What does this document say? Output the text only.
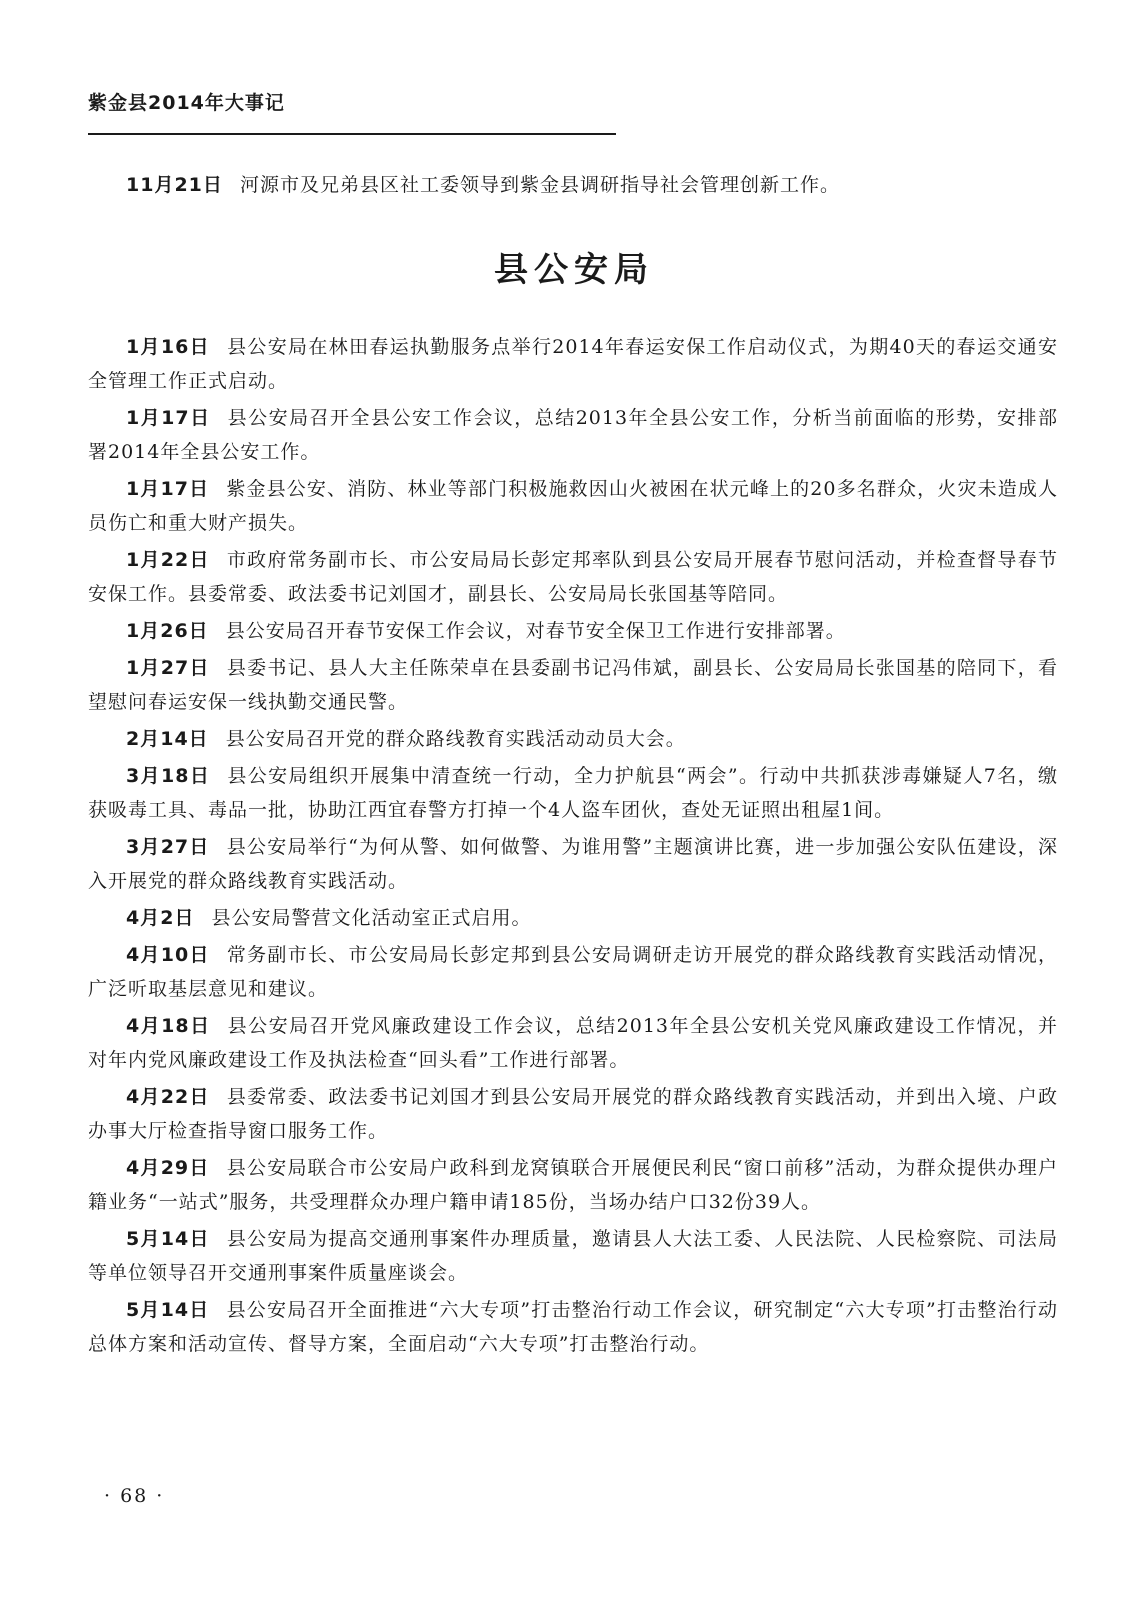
紫金县2014年大事记

11月21日 河源市及兄弟县区社工委领导到紫金县调研指导社会管理创新工作。

县公安局

1月16日 县公安局在林田春运执勤服务点举行2014年春运安保工作启动仪式，为期40天的春运交通安全管理工作正式启动。

1月17日 县公安局召开全县公安工作会议，总结2013年全县公安工作，分析当前面临的形势，安排部署2014年全县公安工作。

1月17日 紫金县公安、消防、林业等部门积极施救因山火被困在状元峰上的20多名群众，火灾未造成人员伤亡和重大财产损失。

1月22日 市政府常务副市长、市公安局局长彭定邦率队到县公安局开展春节慰问活动，并检查督导春节安保工作。县委常委、政法委书记刘国才，副县长、公安局局长张国基等陪同。

1月26日 县公安局召开春节安保工作会议，对春节安全保卫工作进行安排部署。

1月27日 县委书记、县人大主任陈荣卓在县委副书记冯伟斌，副县长、公安局局长张国基的陪同下，看望慰问春运安保一线执勤交通民警。

2月14日 县公安局召开党的群众路线教育实践活动动员大会。

3月18日 县公安局组织开展集中清查统一行动，全力护航县“两会”。行动中共抓获涉毒嫌疑人7名，缴获吸毒工具、毒品一批，协助江西宜春警方打掉一个4人盗车团伙，查处无证照出租屋1间。

3月27日 县公安局举行“为何从警、如何做警、为谁用警”主题演讲比赛，进一步加强公安队伍建设，深入开展党的群众路线教育实践活动。

4月2日 县公安局警营文化活动室正式启用。

4月10日 常务副市长、市公安局局长彭定邦到县公安局调研走访开展党的群众路线教育实践活动情况，广泛听取基层意见和建议。

4月18日 县公安局召开党风廉政建设工作会议，总结2013年全县公安机关党风廉政建设工作情况，并对年内党风廉政建设工作及执法检查“回头看”工作进行部署。

4月22日 县委常委、政法委书记刘国才到县公安局开展党的群众路线教育实践活动，并到出入境、户政办事大厅检查指导窗口服务工作。

4月29日 县公安局联合市公安局户政科到龙窝镇联合开展便民利民“窗口前移”活动，为群众提供办理户籍业务“一站式”服务，共受理群众办理户籍申请185份，当场办结户口32份39人。

5月14日 县公安局为提高交通刑事案件办理质量，邀请县人大法工委、人民法院、人民检察院、司法局等单位领导召开交通刑事案件质量座谈会。

5月14日 县公安局召开全面推进“六大专项”打击整治行动工作会议，研究制定“六大专项”打击整治行动总体方案和活动宣传、督导方案，全面启动“六大专项”打击整治行动。

· 68 ·
